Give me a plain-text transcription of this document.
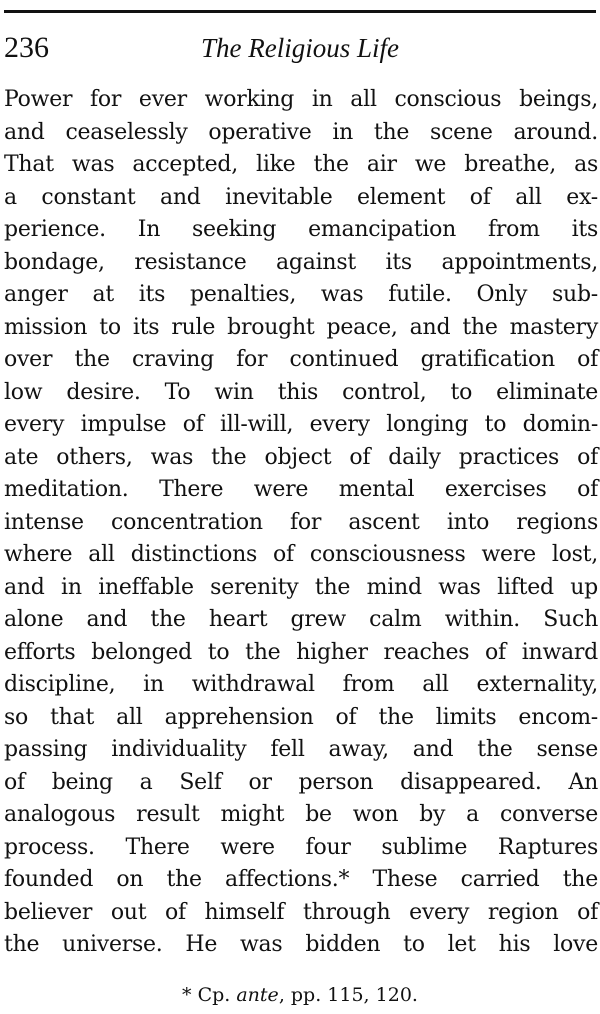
236	The Religious Life
Power for ever working in all conscious beings,
and ceaselessly operative in the scene around.
That was accepted, like the air we breathe, as
a constant and inevitable element of all ex-
perience. In seeking emancipation from its
bondage, resistance against its appointments,
anger at its penalties, was futile. Only sub-
mission to its rule brought peace, and the mastery
over the craving for continued gratification of
low desire. To win this control, to eliminate
every impulse of ill-will, every longing to domin-
ate others, was the object of daily practices of
meditation. There were mental exercises of
intense concentration for ascent into regions
where all distinctions of consciousness were lost,
and in ineffable serenity the mind was lifted up
alone and the heart grew calm within. Such
efforts belonged to the higher reaches of inward
discipline, in withdrawal from all externality,
so that all apprehension of the limits encom-
passing individuality fell away, and the sense
of being a Self or person disappeared. An
analogous result might be won by a converse
process. There were four sublime Raptures
founded on the affections.* These carried the
believer out of himself through every region of
the universe. He was bidden to let his love
* Cp. ante, pp. 115, 120.
